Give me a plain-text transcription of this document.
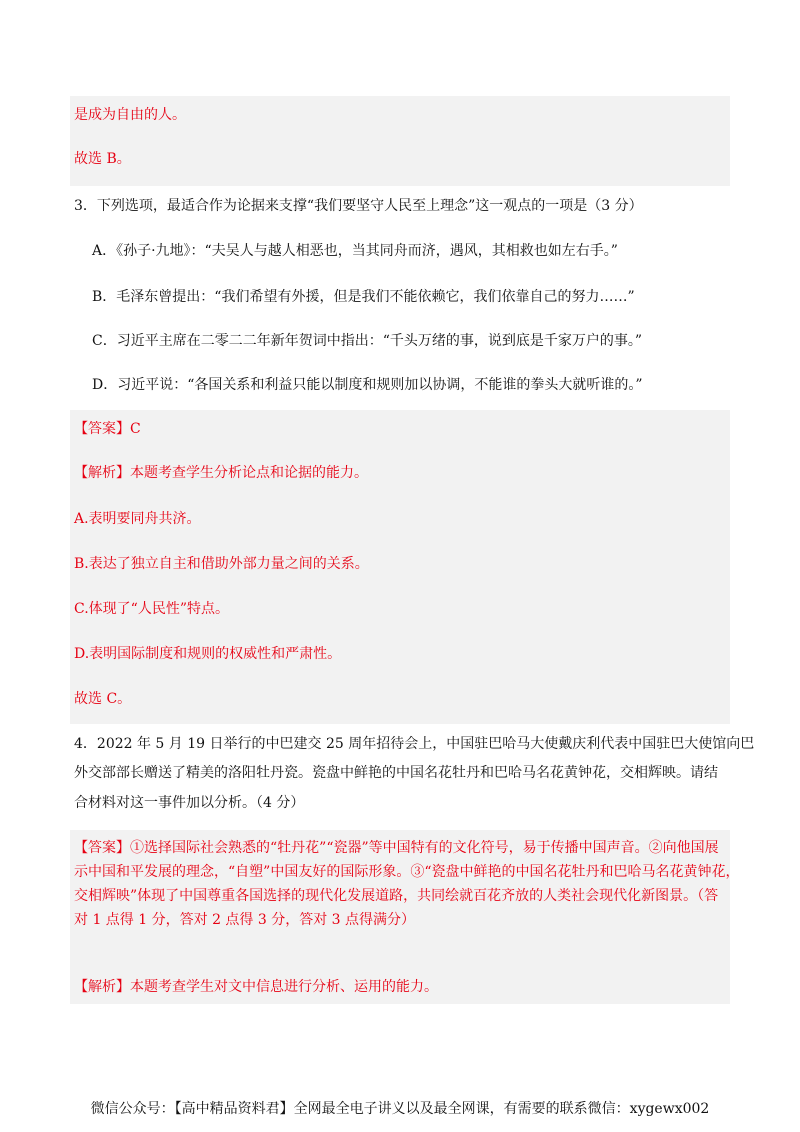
是成为自由的人。
故选 B。
3．下列选项，最适合作为论据来支撑“我们要坚守人民至上理念”这一观点的一项是（3 分）
A．《孙子·九地》：“夫吴人与越人相恶也，当其同舟而济，遇风，其相救也如左右手。”
B．毛泽东曾提出：“我们希望有外援，但是我们不能依赖它，我们依靠自己的努力……”
C．习近平主席在二零二二年新年贺词中指出：“千头万绪的事，说到底是千家万户的事。”
D．习近平说：“各国关系和利益只能以制度和规则加以协调，不能谁的拳头大就听谁的。”
【答案】C
【解析】本题考查学生分析论点和论据的能力。
A.表明要同舟共济。
B.表达了独立自主和借助外部力量之间的关系。
C.体现了“人民性”特点。
D.表明国际制度和规则的权威性和严肃性。
故选 C。
4．2022 年 5 月 19 日举行的中巴建交 25 周年招待会上，中国驻巴哈马大使戴庆利代表中国驻巴大使馆向巴
外交部部长赠送了精美的洛阳牡丹瓷。瓷盘中鲜艳的中国名花牡丹和巴哈马名花黄钟花，交相辉映。请结
合材料对这一事件加以分析。（4 分）
【答案】①选择国际社会熟悉的“牡丹花”“瓷器”等中国特有的文化符号，易于传播中国声音。②向他国展
示中国和平发展的理念，“自塑”中国友好的国际形象。③“瓷盘中鲜艳的中国名花牡丹和巴哈马名花黄钟花，
交相辉映”体现了中国尊重各国选择的现代化发展道路，共同绘就百花齐放的人类社会现代化新图景。（答
对 1 点得 1 分，答对 2 点得 3 分，答对 3 点得满分）
【解析】本题考查学生对文中信息进行分析、运用的能力。
微信公众号：【高中精品资料君】全网最全电子讲义以及最全网课，有需要的联系微信：xygewx002
